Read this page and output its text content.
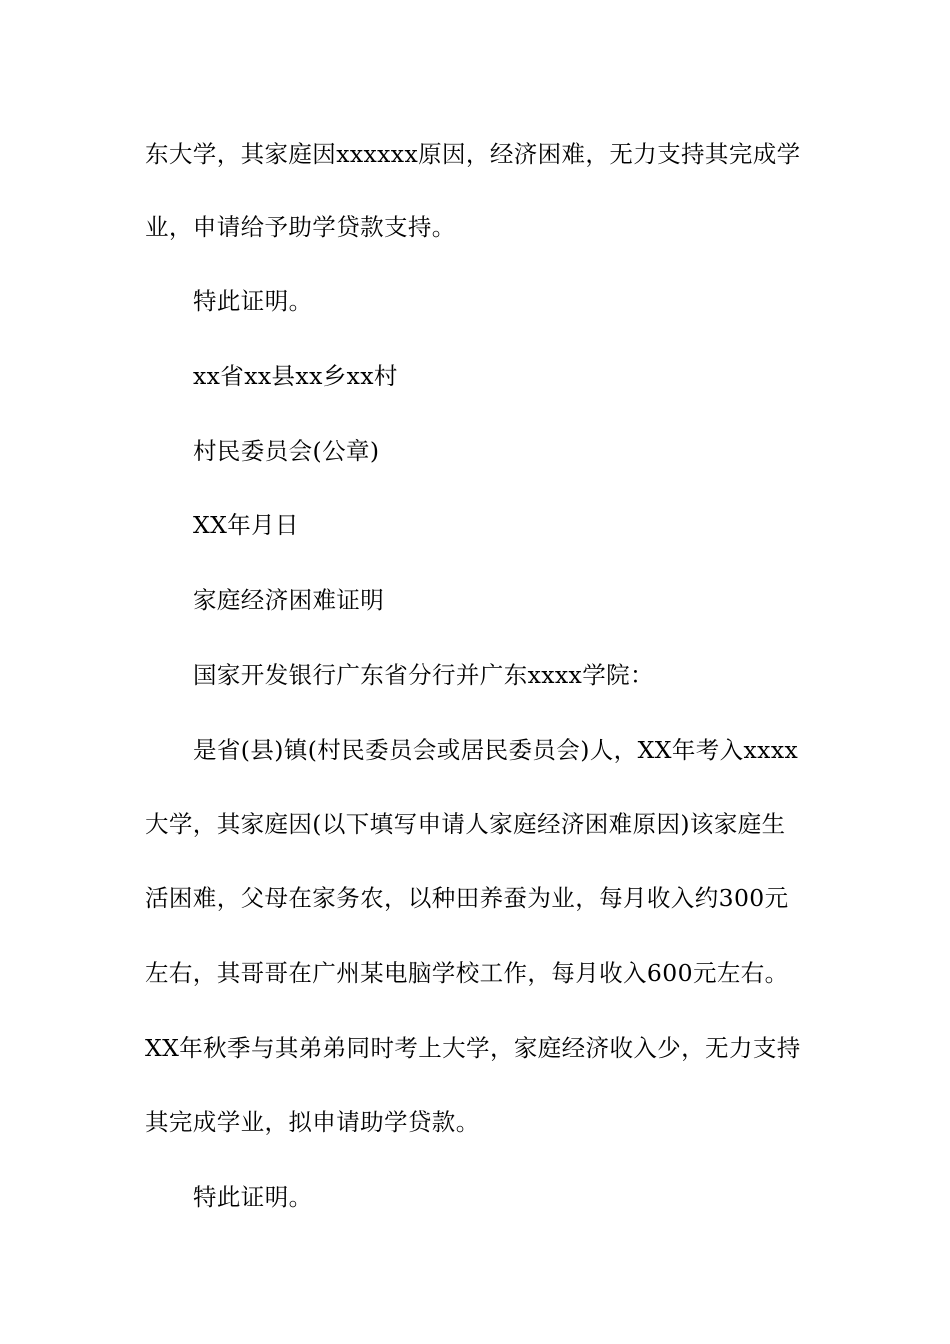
东大学，其家庭因xxxxxx原因，经济困难，无力支持其完成学
业，申请给予助学贷款支持。
特此证明。
xx省xx县xx乡xx村
村民委员会(公章)
XX年月日
家庭经济困难证明
国家开发银行广东省分行并广东xxxx学院：
是省(县)镇(村民委员会或居民委员会)人，XX年考入xxxx
大学，其家庭因(以下填写申请人家庭经济困难原因)该家庭生
活困难，父母在家务农，以种田养蚕为业，每月收入约300元
左右，其哥哥在广州某电脑学校工作，每月收入600元左右。
XX年秋季与其弟弟同时考上大学，家庭经济收入少，无力支持
其完成学业，拟申请助学贷款。
特此证明。
